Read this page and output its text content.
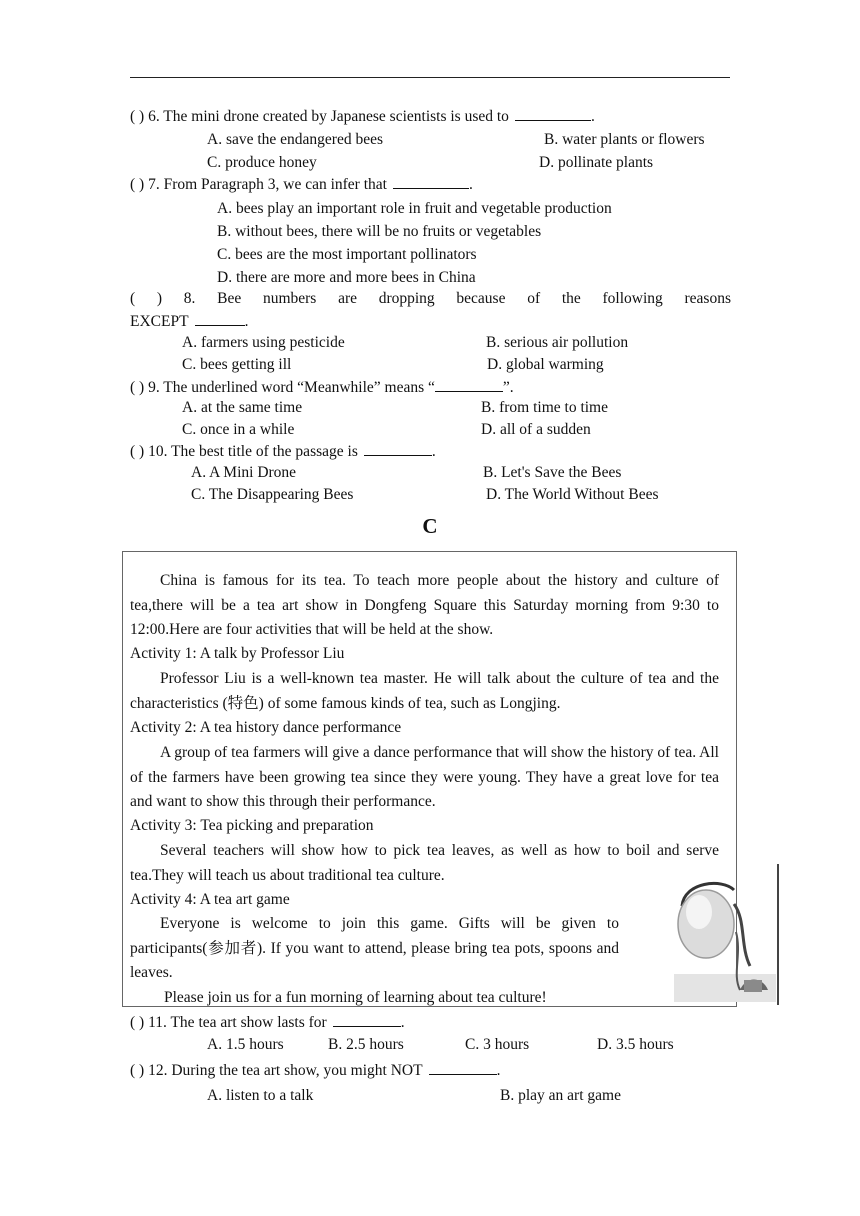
( ) 6. The mini drone created by Japanese scientists is used to	.
A. save the endangered bees	B. water plants or flowers
C. produce honey	D. pollinate plants
( ) 7. From Paragraph 3, we can infer that	.
A. bees play an important role in fruit and vegetable production
B. without bees, there will be no fruits or vegetables
C. bees are the most important pollinators
D. there are more and more bees in China
( ) 8. Bee numbers are dropping because of the following reasons
EXCEPT	.
A. farmers using pesticide	B. serious air pollution
C. bees getting ill	D. global warming
( ) 9. The underlined word “Meanwhile” means “	”.
A. at the same time	B. from time to time
C. once in a while	D. all of a sudden
( ) 10. The best title of the passage is	.
A. A Mini Drone	B. Let's Save the Bees
C. The Disappearing Bees	D. The World Without Bees
C
China is famous for its tea. To teach more people about the history and culture of tea,there will be a tea art show in Dongfeng Square this Saturday morning from 9:30 to 12:00.Here are four activities that will be held at the show.
Activity 1: A talk by Professor Liu
Professor Liu is a well-known tea master. He will talk about the culture of tea and the characteristics (特色) of some famous kinds of tea, such as Longjing.
Activity 2: A tea history dance performance
A group of tea farmers will give a dance performance that will show the history of tea. All of the farmers have been growing tea since they were young. They have a great love for tea and want to show this through their performance.
Activity 3: Tea picking and preparation
Several teachers will show how to pick tea leaves, as well as how to boil and serve tea.They will teach us about traditional tea culture.
Activity 4: A tea art game
Everyone is welcome to join this game. Gifts will be given to participants(参加者). If you want to attend, please bring tea pots, spoons and leaves.
Please join us for a fun morning of learning about tea culture!
( ) 11. The tea art show lasts for	.
A. 1.5 hours	B. 2.5 hours	C. 3 hours	D. 3.5 hours
( ) 12. During the tea art show, you might NOT	.
A. listen to a talk	B. play an art game
